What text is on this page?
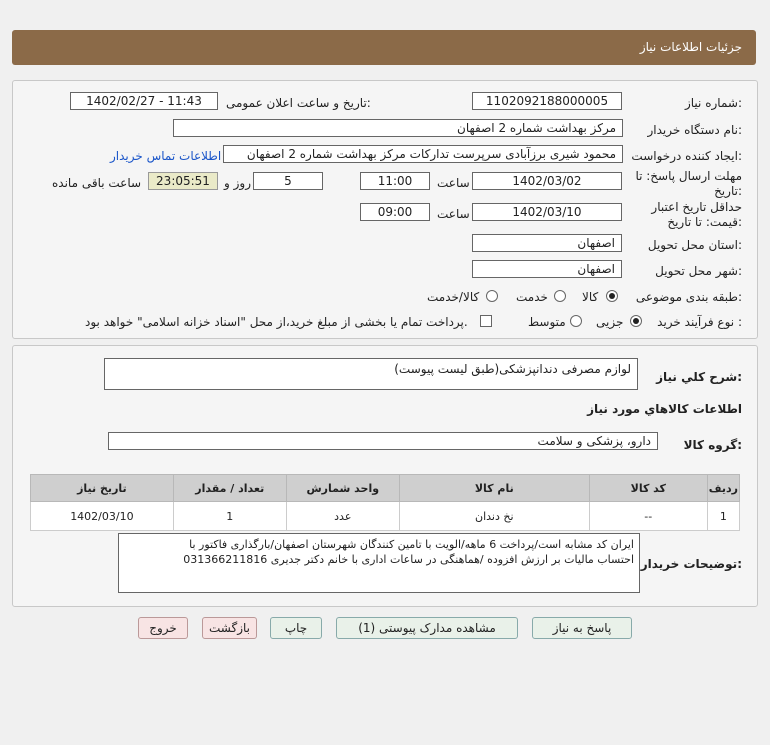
جزئیات اطلاعات نیاز
شماره نیاز:
1102092188000005
تاریخ و ساعت اعلان عمومی:
1402/02/27 - 11:43
نام دستگاه خریدار:
مرکز بهداشت شماره 2 اصفهان
ایجاد کننده درخواست:
محمود شیری برزآبادی سرپرست تدارکات مرکز بهداشت شماره 2 اصفهان
اطلاعات تماس خریدار
مهلت ارسال پاسخ: تا
تاریخ:
1402/03/02
ساعت
11:00
5
روز و
23:05:51
ساعت باقی مانده
حداقل تاریخ اعتبار
قیمت: تا تاریخ:
1402/03/10
ساعت
09:00
استان محل تحویل:
اصفهان
شهر محل تحویل:
اصفهان
طبقه بندی موضوعی:
کالا
خدمت
کالا/خدمت
نوع فرآیند خرید :
جزیی
متوسط
پرداخت تمام یا بخشی از مبلغ خرید،از محل "اسناد خزانه اسلامی" خواهد بود.
شرح کلي نياز:
لوازم مصرفی دندانپزشکی(طبق لیست پیوست)
اطلاعات کالاهاي مورد نياز
گروه کالا:
دارو، پزشکی و سلامت
ردیف	کد کالا	نام کالا	واحد شمارش	تعداد / مقدار	تاریخ نیاز
1	--	نخ دندان	عدد	1	1402/03/10
توضیحات خریدار:
ایران کد مشابه است/پرداخت 6 ماهه/الویت با تامین کنندگان شهرستان اصفهان/بارگذاری فاکتور با
احتساب مالیات بر ارزش افزوده /هماهنگی در ساعات اداری با خانم دکتر جدیری 031366211816
پاسخ به نیاز
مشاهده مدارک پیوستی (1)
چاپ
بازگشت
خروج
